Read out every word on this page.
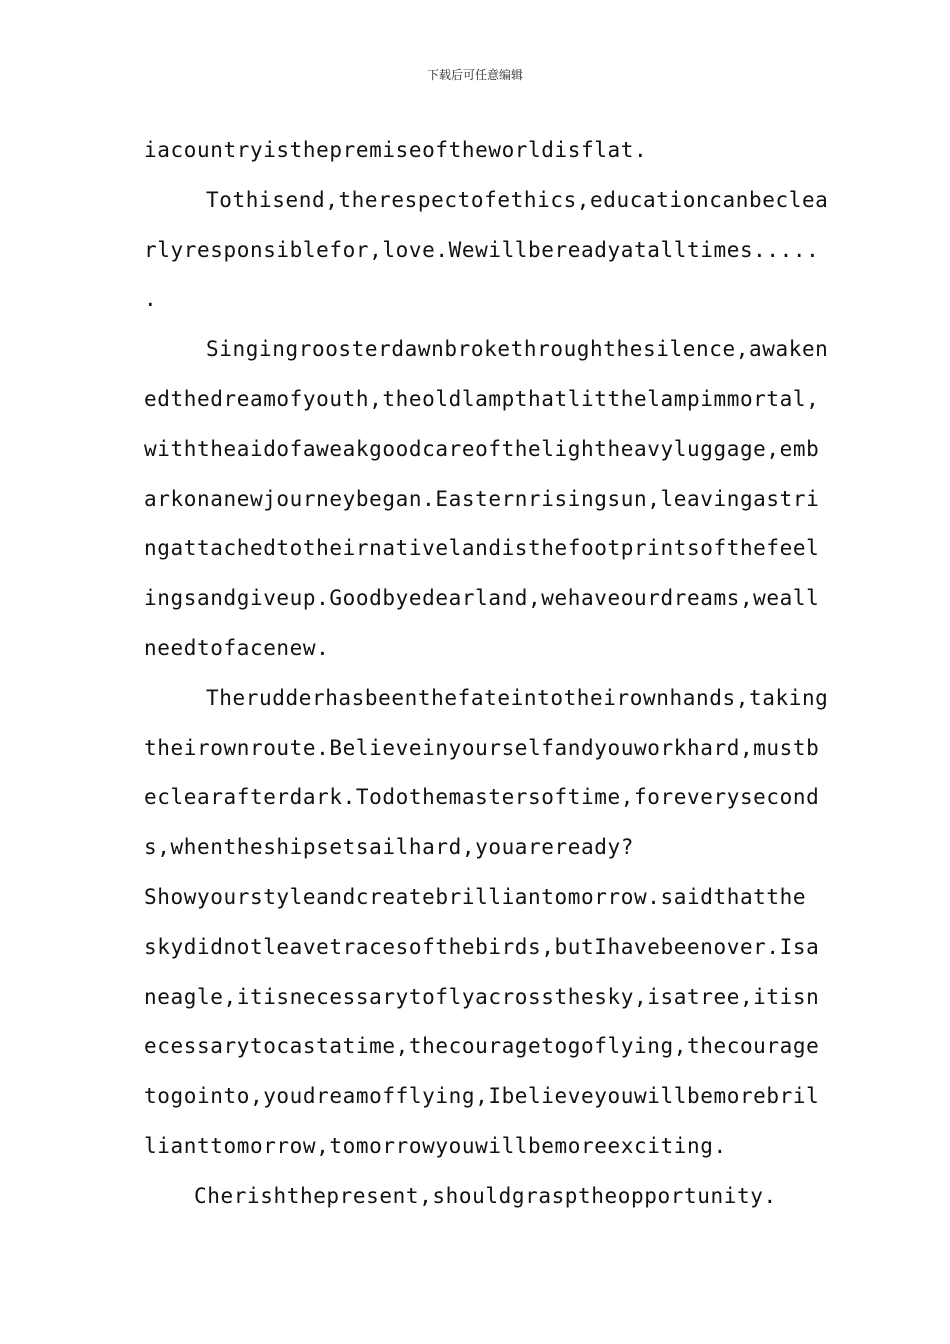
下载后可任意编辑
iacountryisthepremiseoftheworldisflat.
Tothisend,therespectofethics,educationcanbeclea
rlyresponsiblefor,love.Wewillbereadyatalltimes.....
.
Singingroosterdawnbrokethroughthesilence,awaken
edthedreamofyouth,theoldlampthatlitthelampimmortal,
withtheaidofaweakgoodcareofthelightheavyluggage,emb
arkonanewjourneybegan.Easternrisingsun,leavingastri
ngattachedtotheirnativelandisthefootprintsofthefeel
ingsandgiveup.Goodbyedearland,wehaveourdreams,weall
needtofacenew.
Therudderhasbeenthefateintotheirownhands,taking
theirownroute.Believeinyourselfandyouworkhard,mustb
eclearafterdark.Todothemastersoftime,foreverysecond
s,whentheshipsetsailhard,youareready?
Showyourstyleandcreatebrilliantomorrow.saidthatthe
skydidnotleavetracesofthebirds,butIhavebeenover.Isa
neagle,itisnecessarytoflyacrossthesky,isatree,itisn
ecessarytocastatime,thecouragetogoflying,thecourage
togointo,youdreamofflying,Ibelieveyouwillbemorebril
lianttomorrow,tomorrowyouwillbemoreexciting.
Cherishthepresent,shouldgrasptheopportunity.
